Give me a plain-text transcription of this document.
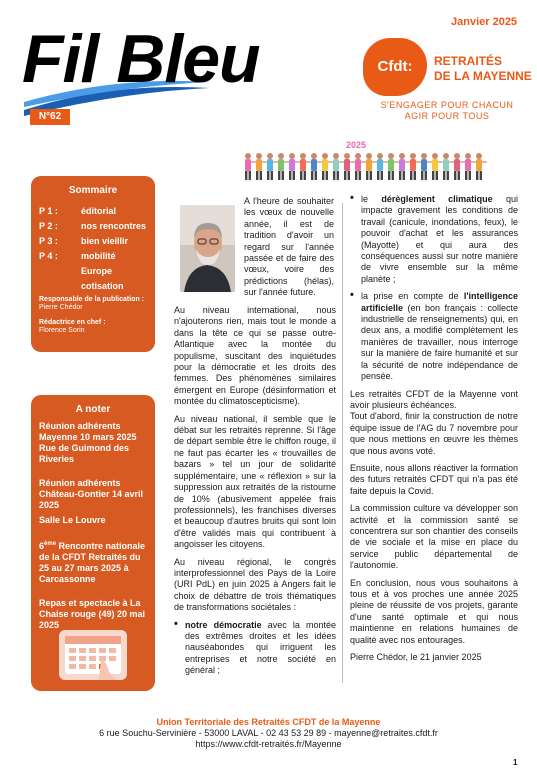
Fil Bleu
N°62
Janvier 2025
Cfdt:	RETRAITÉS
DE LA MAYENNE
S'ENGAGER POUR CHACUN
AGIR POUR TOUS
2025
Sommaire
P 1 :	éditorial
P 2 :	nos rencontres
P 3 :	bien vieillir
P 4 :	mobilité
Europe
cotisation
Responsable de la publication :
Pierre Chédor
Rédactrice en chef :
Florence Sorin
A noter
Réunion adhérents Mayenne 10 mars 2025 Rue de Guimond des Riveries
Réunion adhérents Château-Gontier 14 avril 2025
Salle Le Louvre
6ème Rencontre nationale de la CFDT Retraités du 25 au 27 mars 2025 à Carcassonne
Repas et spectacle à La Chaise rouge (49) 20 mai 2025

A l'heure de souhaiter les vœux de nouvelle année, il est de tradition d'avoir un regard sur l'année passée et de faire des vœux, voire des prédictions (hélas), sur l'année future.

Au niveau international, nous n'ajouterons rien, mais tout le monde a dans la tête ce qui se passe outre-Atlantique avec la montée du populisme, suscitant des inquiétudes pour la démocratie et les droits des femmes. Des phénomènes similaires émergent en Europe (désinformation et montée du climatoscepticisme).

Au niveau national, il semble que le débat sur les retraités reprenne. Si l'âge de départ semble être le chiffon rouge, il ne faut pas écarter les « trouvailles de bazars » tel un jour de solidarité supplémentaire, une « réflexion » sur la suppression aux retraités de la ristourne de 10% (abusivement appelée frais professionnels), les franchises diverses et beaucoup d'autres bruits qui sont loin d'être validés mais qui contribuent à angoisser les citoyens.

Au niveau régional, le congrès interprofessionnel des Pays de la Loire (URI PdL) en juin 2025 à Angers fait le choix de débattre de trois thématiques de transformations sociétales :

• notre démocratie avec la montée des extrêmes droites et les idées nauséabondes qui irriguent les entreprises et notre société en général ;

• le dérèglement climatique qui impacte gravement les conditions de travail (canicule, inondations, feux), le pouvoir d'achat et les assurances (Mayotte) et qui aura des conséquences aussi sur notre manière de vivre ensemble sur la même planète ;

• la prise en compte de l'intelligence artificielle (en bon français : collecte industrielle de renseignements) qui, en deux ans, a modifié complètement les manières de travailler, nous interroge sur la manière de faire humanité et sur la sécurité de notre indépendance de pensée.

Les retraités CFDT de la Mayenne vont avoir plusieurs échéances.

Tout d'abord, finir la construction de notre équipe issue de l'AG du 7 novembre pour que nous mettions en œuvre les thèmes que nous avons voté.

Ensuite, nous allons réactiver la formation des futurs retraités CFDT qui n'a pas été faite depuis la Covid.

La commission culture va développer son activité et la commission santé se concentrera sur son chantier des conseils de vie sociale et la mise en place du service public départemental de l'autonomie.

En conclusion, nous vous souhaitons à tous et à vos proches une année 2025 pleine de réussite de vos projets, garante d'une santé optimale et qui nous maintienne en relations humaines de qualité avec nos entourages.

Pierre Chédor, le 21 janvier 2025

Union Territoriale des Retraités CFDT de la Mayenne
6 rue Souchu-Servinière - 53000 LAVAL - 02 43 53 29 89 - mayenne@retraites.cfdt.fr
https://www.cfdt-retraités.fr/Mayenne
1
